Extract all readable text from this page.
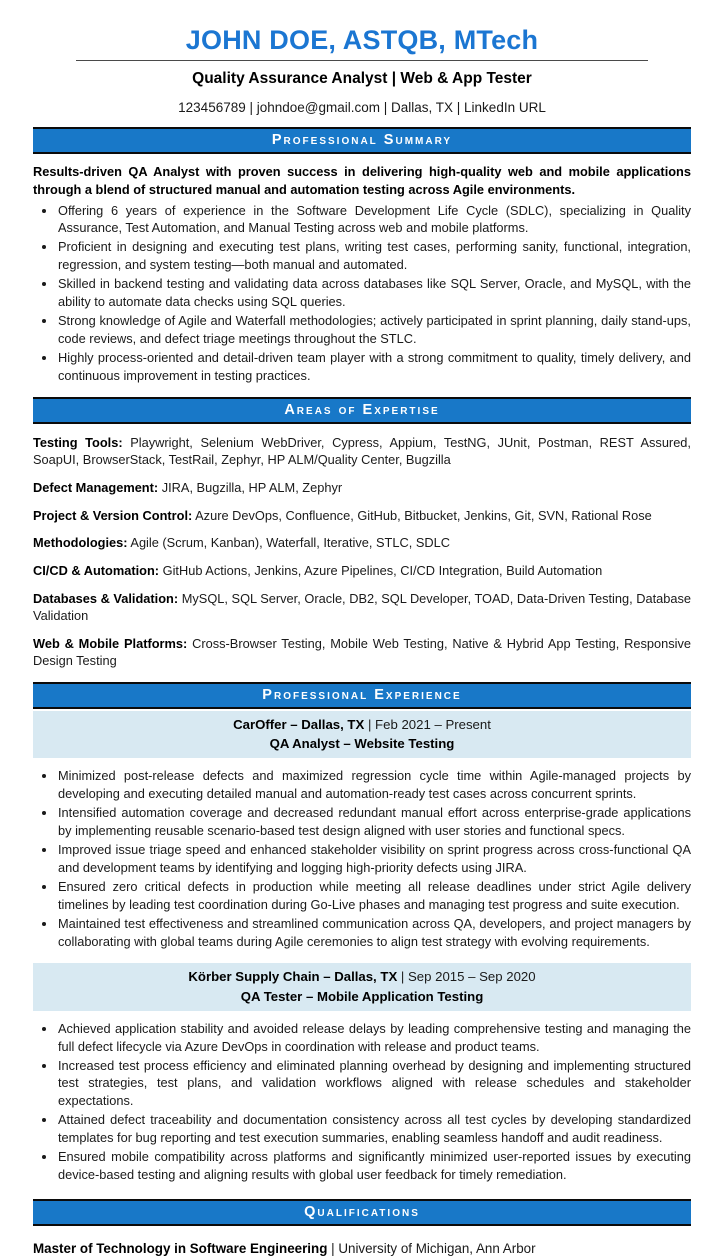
JOHN DOE, ASTQB, MTech
Quality Assurance Analyst | Web & App Tester
123456789 | johndoe@gmail.com | Dallas, TX | LinkedIn URL
Professional Summary

Results-driven QA Analyst with proven success in delivering high-quality web and mobile applications through a blend of structured manual and automation testing across Agile environments.

• Offering 6 years of experience in the Software Development Life Cycle (SDLC), specializing in Quality Assurance, Test Automation, and Manual Testing across web and mobile platforms.
• Proficient in designing and executing test plans, writing test cases, performing sanity, functional, integration, regression, and system testing—both manual and automated.
• Skilled in backend testing and validating data across databases like SQL Server, Oracle, and MySQL, with the ability to automate data checks using SQL queries.
• Strong knowledge of Agile and Waterfall methodologies; actively participated in sprint planning, daily stand-ups, code reviews, and defect triage meetings throughout the STLC.
• Highly process-oriented and detail-driven team player with a strong commitment to quality, timely delivery, and continuous improvement in testing practices.
Areas of Expertise

Testing Tools: Playwright, Selenium WebDriver, Cypress, Appium, TestNG, JUnit, Postman, REST Assured, SoapUI, BrowserStack, TestRail, Zephyr, HP ALM/Quality Center, Bugzilla

Defect Management: JIRA, Bugzilla, HP ALM, Zephyr

Project & Version Control: Azure DevOps, Confluence, GitHub, Bitbucket, Jenkins, Git, SVN, Rational Rose

Methodologies: Agile (Scrum, Kanban), Waterfall, Iterative, STLC, SDLC

CI/CD & Automation: GitHub Actions, Jenkins, Azure Pipelines, CI/CD Integration, Build Automation

Databases & Validation: MySQL, SQL Server, Oracle, DB2, SQL Developer, TOAD, Data-Driven Testing, Database Validation

Web & Mobile Platforms: Cross-Browser Testing, Mobile Web Testing, Native & Hybrid App Testing, Responsive Design Testing

Professional Experience
CarOffer – Dallas, TX | Feb 2021 – Present
QA Analyst – Website Testing
• Minimized post-release defects and maximized regression cycle time within Agile-managed projects by developing and executing detailed manual and automation-ready test cases across concurrent sprints.
• Intensified automation coverage and decreased redundant manual effort across enterprise-grade applications by implementing reusable scenario-based test design aligned with user stories and functional specs.
• Improved issue triage speed and enhanced stakeholder visibility on sprint progress across cross-functional QA and development teams by identifying and logging high-priority defects using JIRA.
• Ensured zero critical defects in production while meeting all release deadlines under strict Agile delivery timelines by leading test coordination during Go-Live phases and managing test progress and suite execution.
• Maintained test effectiveness and streamlined communication across QA, developers, and project managers by collaborating with global teams during Agile ceremonies to align test strategy with evolving requirements.
Körber Supply Chain – Dallas, TX | Sep 2015 – Sep 2020
QA Tester – Mobile Application Testing
• Achieved application stability and avoided release delays by leading comprehensive testing and managing the full defect lifecycle via Azure DevOps in coordination with release and product teams.
• Increased test process efficiency and eliminated planning overhead by designing and implementing structured test strategies, test plans, and validation workflows aligned with release schedules and stakeholder expectations.
• Attained defect traceability and documentation consistency across all test cycles by developing standardized templates for bug reporting and test execution summaries, enabling seamless handoff and audit readiness.
• Ensured mobile compatibility across platforms and significantly minimized user-reported issues by executing device-based testing and aligning results with global user feedback for timely remediation.
Qualifications

Master of Technology in Software Engineering | University of Michigan, Ann Arbor
